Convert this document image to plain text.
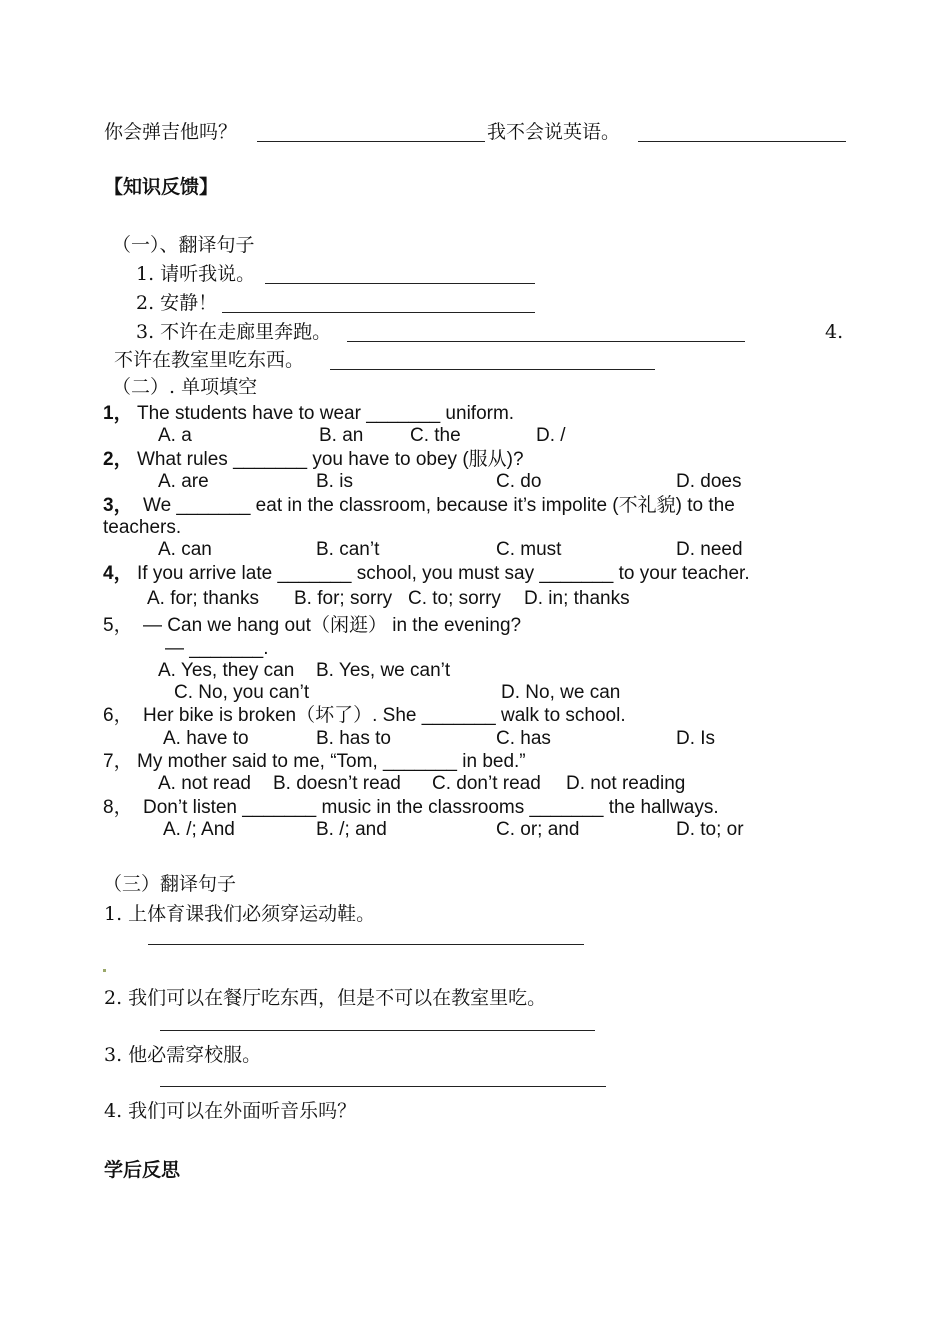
你会弹吉他吗？	我不会说英语。
【知识反馈】
（一）、翻译句子
1. 请听我说。
2. 安静！
3. 不许在走廊里奔跑。	4.
不许在教室里吃东西。
（二）. 单项填空
1， The students have to wear _______ uniform.
A. a	B. an C. the	D. /
2， What rules _______ you have to obey (服从)?
A. are	B. is	C. do	D. does
3， We _______ eat in the classroom, because it’s impolite (不礼貌) to the
teachers.
A. can	B. can’t	C. must	D. need
4， If you arrive late _______ school, you must say _______ to your teacher.
A. for; thanks B. for; sorry C. to; sorry D. in; thanks
5， — Can we hang out（闲逛） in the evening?
— _______.
A. Yes, they can B. Yes, we can’t
C. No, you can’t	D. No, we can
6， Her bike is broken（坏了）. She _______ walk to school.
A. have to	B. has to	C. has	D. Is
7， My mother said to me, “Tom, _______ in bed.”
A. not read B. doesn’t read C. don’t read D. not reading
8， Don’t listen _______ music in the classrooms _______ the hallways.
A. /; And	B. /; and	C. or; and	D. to; or
（三）翻译句子
1. 上体育课我们必须穿运动鞋。
2. 我们可以在餐厅吃东西，但是不可以在教室里吃。
3. 他必需穿校服。
4. 我们可以在外面听音乐吗？
学后反思
